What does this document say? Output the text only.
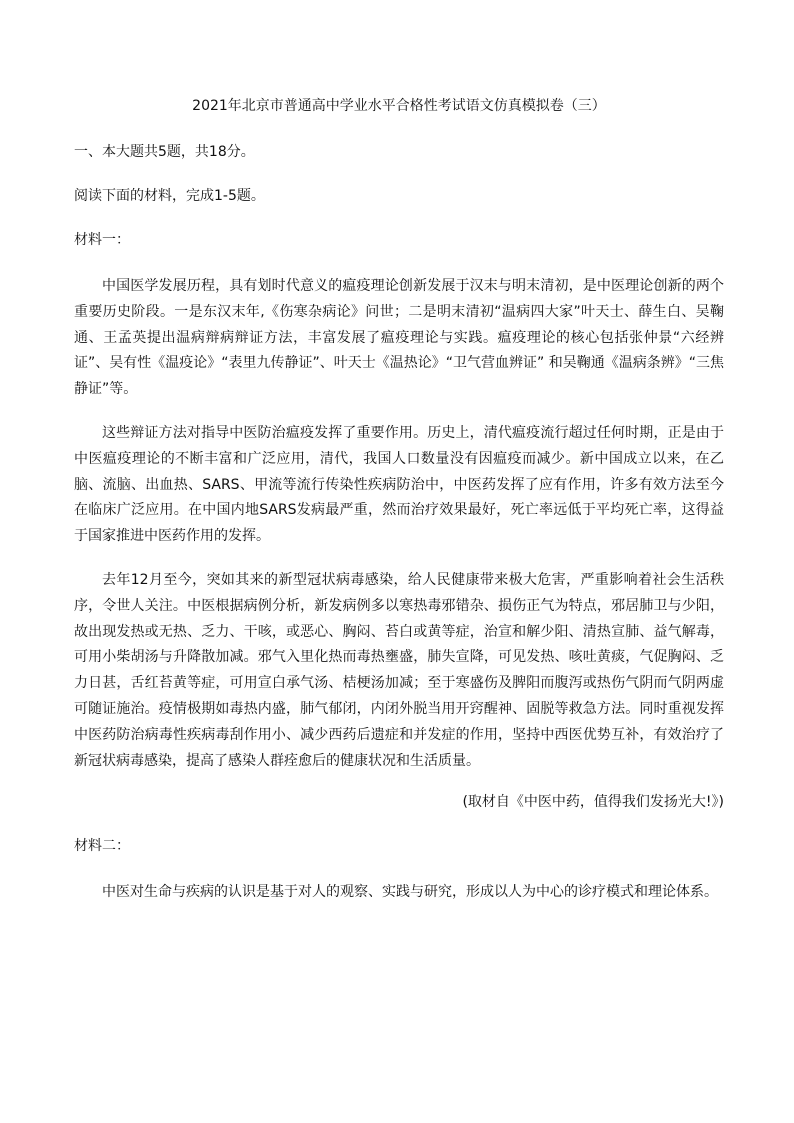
2021年北京市普通高中学业水平合格性考试语文仿真模拟卷（三）
一、本大题共5题，共18分。
阅读下面的材料，完成1-5题。
材料一：

中国医学发展历程，具有划时代意义的瘟疫理论创新发展于汉末与明末清初，是中医理论创新的两个重要历史阶段。一是东汉末年,《伤寒杂病论》问世；二是明末清初“温病四大家”叶天士、薛生白、吴鞠通、王孟英提出温病辩病辩证方法，丰富发展了瘟疫理论与实践。瘟疫理论的核心包括张仲景“六经辨证”、吴有性《温疫论》“表里九传静证”、叶天士《温热论》“卫气营血辨证” 和吴鞠通《温病条辨》“三焦静证”等。

这些辩证方法对指导中医防治瘟疫发挥了重要作用。历史上，清代瘟疫流行超过任何时期，正是由于中医瘟疫理论的不断丰富和广泛应用，清代，我国人口数量没有因瘟疫而减少。新中国成立以来，在乙脑、流脑、出血热、SARS、甲流等流行传染性疾病防治中，中医药发挥了应有作用，许多有效方法至今在临床广泛应用。在中国内地SARS发病最严重，然而治疗效果最好，死亡率远低于平均死亡率，这得益于国家推进中医药作用的发挥。

去年12月至今，突如其来的新型冠状病毒感染，给人民健康带来极大危害，严重影响着社会生活秩序，令世人关注。中医根据病例分析，新发病例多以寒热毒邪错杂、损伤正气为特点，邪居肺卫与少阳，故出现发热或无热、乏力、干咳，或恶心、胸闷、苔白或黄等症，治宣和解少阳、清热宣肺、益气解毒，可用小柴胡汤与升降散加减。邪气入里化热而毒热壅盛，肺失宣降，可见发热、咳吐黄痰，气促胸闷、乏力日甚，舌红苔黄等症，可用宣白承气汤、桔梗汤加减；至于寒盛伤及脾阳而腹泻或热伤气阴而气阴两虚可随证施治。疫情极期如毒热内盛，肺气郁闭，内闭外脱当用开窍醒神、固脱等救急方法。同时重视发挥中医药防治病毒性疾病毒刮作用小、减少西药后遗症和并发症的作用，坚持中西医优势互补，有效治疗了新冠状病毒感染，提高了感染人群痊愈后的健康状况和生活质量。

(取材自《中医中药，值得我们发扬光大!》)
材料二：

中医对生命与疾病的认识是基于对人的观察、实践与研究，形成以人为中心的诊疗模式和理论体系。
